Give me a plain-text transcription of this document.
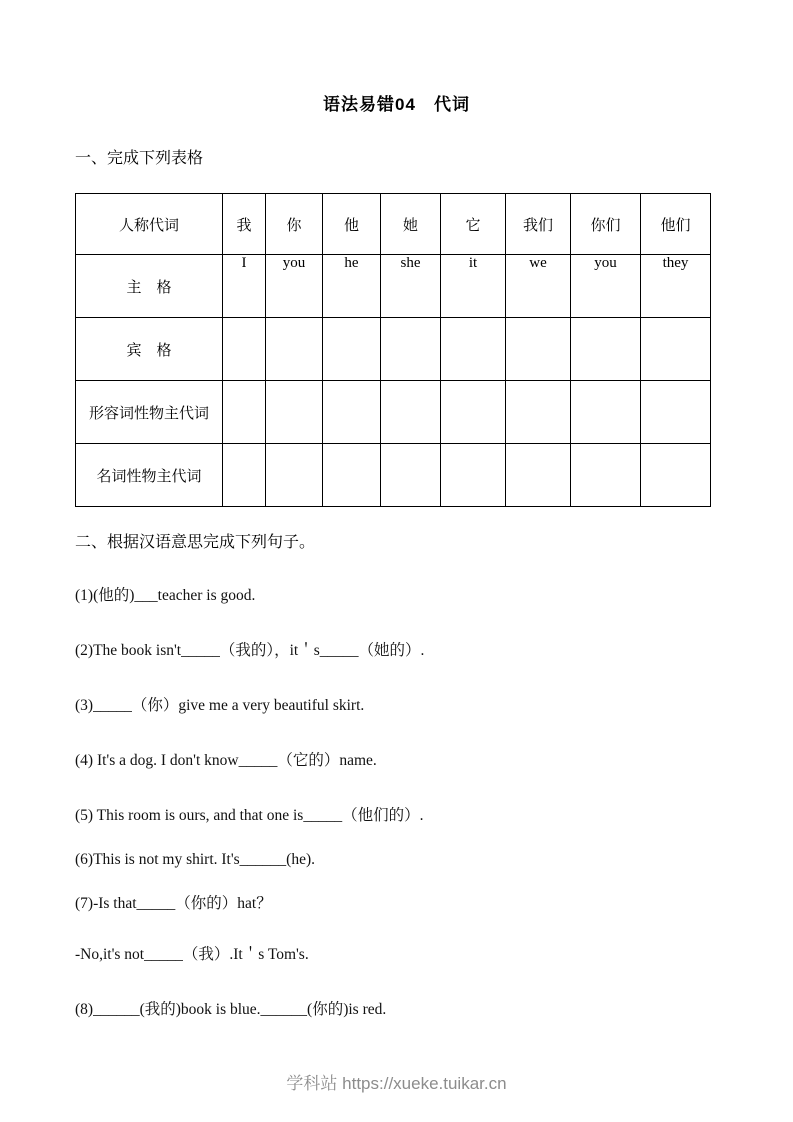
语法易错04　代词
一、完成下列表格
人称代词	我	你	他	她	它	我们	你们	他们
主　格	I	you	he	she	it	we	you	they
宾　格								
形容词性物主代词								
名词性物主代词								
二、根据汉语意思完成下列句子。
(1)(他的)___teacher is good.
(2)The book isn't_____（我的），it＇s_____（她的）.
(3)_____（你）give me a very beautiful skirt.
(4) It's a dog. I don't know_____（它的）name.
(5) This room is ours, and that one is_____（他们的）.
(6)This is not my shirt. It's______(he).
(7)-Is that_____（你的）hat？
-No,it's not_____（我）.It＇s Tom's.
(8)______(我的)book is blue.______(你的)is red.
学科站 https://xueke.tuikar.cn
